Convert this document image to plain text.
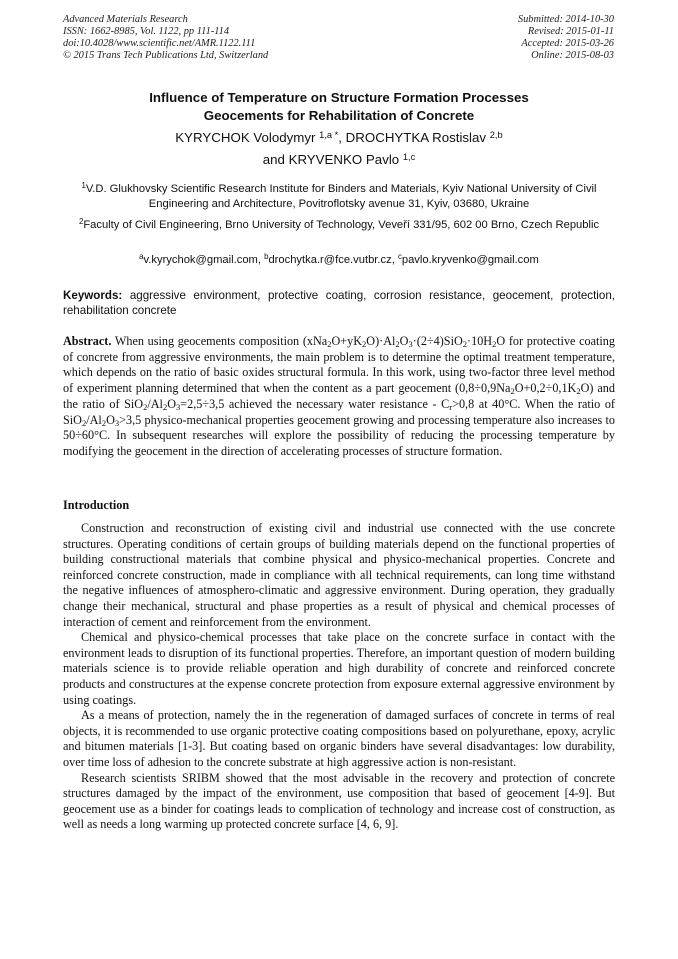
Advanced Materials Research
ISSN: 1662-8985, Vol. 1122, pp 111-114
doi:10.4028/www.scientific.net/AMR.1122.111
© 2015 Trans Tech Publications Ltd, Switzerland
Submitted: 2014-10-30
Revised: 2015-01-11
Accepted: 2015-03-26
Online: 2015-08-03
Influence of Temperature on Structure Formation Processes
Geocements for Rehabilitation of Concrete
KYRYCHOK Volodymyr $^{1,a *}$, DROCHYTKA Rostislav $^{2,b}$
and KRYVENKO Pavlo $^{1,c}$
$^1$V.D. Glukhovsky Scientific Research Institute for Binders and Materials, Kyiv National University of Civil Engineering and Architecture, Povitroflotsky avenue 31, Kyiv, 03680, Ukraine
$^2$Faculty of Civil Engineering, Brno University of Technology, Veveří 331/95, 602 00 Brno, Czech Republic
$^a$v.kyrychok@gmail.com, $^b$drochytka.r@fce.vutbr.cz, $^c$pavlo.kryvenko@gmail.com
Keywords: aggressive environment, protective coating, corrosion resistance, geocement, protection, rehabilitation concrete
Abstract. When using geocements composition $(xNa_2O+yK_2O)\cdot Al_2O_3\cdot(2\div 4)SiO_2\cdot 10H_2O$ for protective coating of concrete from aggressive environments, the main problem is to determine the optimal treatment temperature, which depends on the ratio of basic oxides structural formula. In this work, using two-factor three level method of experiment planning determined that when the content as a part geocement $(0,8\div 0,9Na_2O+0,2\div 0,1K_2O)$ and the ratio of $SiO_2/Al_2O_3=2,5\div 3,5$ achieved the necessary water resistance - $C_r>0,8$ at 40°C. When the ratio of $SiO_2/Al_2O_3>3,5$ physico-mechanical properties geocement growing and processing temperature also increases to 50÷60°C. In subsequent researches will explore the possibility of reducing the processing temperature by modifying the geocement in the direction of accelerating processes of structure formation.
Introduction

Construction and reconstruction of existing civil and industrial use connected with the use concrete structures. Operating conditions of certain groups of building materials depend on the functional properties of building constructional materials that combine physical and physico-mechanical properties. Concrete and reinforced concrete construction, made in compliance with all technical requirements, can long time withstand the negative influences of atmosphero-climatic and aggressive environment. During operation, they gradually change their mechanical, structural and phase properties as a result of physical and chemical processes of interaction of cement and reinforcement from the environment.

Chemical and physico-chemical processes that take place on the concrete surface in contact with the environment leads to disruption of its functional properties. Therefore, an important question of modern building materials science is to provide reliable operation and high durability of concrete and reinforced concrete products and constructures at the expense concrete protection from exposure external aggressive environment by using coatings.

As a means of protection, namely the in the regeneration of damaged surfaces of concrete in terms of real objects, it is recommended to use organic protective coating compositions based on polyurethane, epoxy, acrylic and bitumen materials [1-3]. But coating based on organic binders have several disadvantages: low durability, over time loss of adhesion to the concrete substrate at high aggressive action is non-resistant.

Research scientists SRIBM showed that the most advisable in the recovery and protection of concrete structures damaged by the impact of the environment, use composition that based of geocement [4-9]. But geocement use as a binder for coatings leads to complication of technology and increase cost of construction, as well as needs a long warming up protected concrete surface [4, 6, 9].
